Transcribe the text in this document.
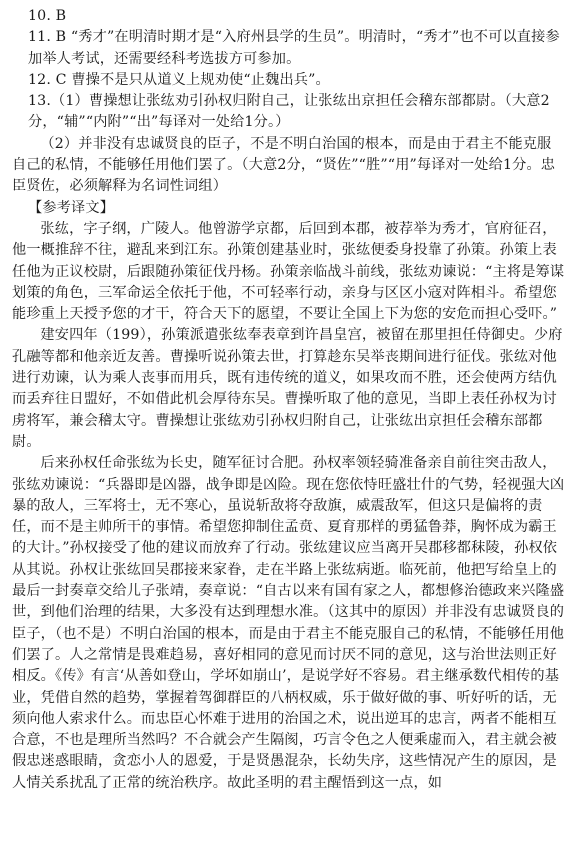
10. B

11. B “秀才”在明清时期才是“入府州县学的生员”。明清时，“秀才”也不可以直接参加举人考试，还需要经科考选拔方可参加。

12. C 曹操不是只从道义上规劝使“止魏出兵”。

13.（1）曹操想让张纮劝引孙权归附自己，让张纮出京担任会稽东部都尉。（大意2分，“辅”“内附”“出”每译对一处给1分。）

（2）并非没有忠诚贤良的臣子，不是不明白治国的根本，而是由于君主不能克服自己的私情，不能够任用他们罢了。（大意2分，“贤佐”“胜”“用”每译对一处给1分。忠臣贤佐，必须解释为名词性词组）

【参考译文】

张纮，字子纲，广陵人。他曾游学京都，后回到本郡，被荐举为秀才，官府征召，他一概推辞不往，避乱来到江东。孙策创建基业时，张纮便委身投靠了孙策。孙策上表任他为正议校尉，后跟随孙策征伐丹杨。孙策亲临战斗前线，张纮劝谏说：“主将是筹谋划策的角色，三军命运全依托于他，不可轻率行动，亲身与区区小寇对阵相斗。希望您能珍重上天授予您的才干，符合天下的愿望，不要让全国上下为您的安危而担心受吓。”

建安四年（199），孙策派遣张纮奉表章到许昌皇宫，被留在那里担任侍御史。少府孔融等都和他亲近友善。曹操听说孙策去世，打算趁东吴举丧期间进行征伐。张纮对他进行劝谏，认为乘人丧事而用兵，既有违传统的道义，如果攻而不胜，还会使两方结仇而丢弃往日盟好，不如借此机会厚待东吴。曹操听取了他的意见，当即上表任孙权为讨虏将军，兼会稽太守。曹操想让张纮劝引孙权归附自己，让张纮出京担任会稽东部都尉。

后来孙权任命张纮为长史，随军征讨合肥。孙权率领轻骑准备亲自前往突击敌人，张纮劝谏说：“兵器即是凶器，战争即是凶险。现在您依恃旺盛壮什的气势，轻视强大凶暴的敌人，三军将士，无不寒心，虽说斩敌将夺敌旗，威震敌军，但这只是偏将的责任，而不是主帅所干的事情。希望您抑制住孟贲、夏育那样的勇猛鲁莽，胸怀成为霸王的大计。”孙权接受了他的建议而放弃了行动。张纮建议应当离开吴郡移都秣陵，孙权依从其说。孙权让张纮回吴郡接来家眷，走在半路上张纮病逝。临死前，他把写给皇上的最后一封奏章交给儿子张靖，奏章说：“自古以来有国有家之人，都想修治德政来兴隆盛世，到他们治理的结果，大多没有达到理想水准。（这其中的原因）并非没有忠诚贤良的臣子，（也不是）不明白治国的根本，而是由于君主不能克服自己的私情，不能够任用他们罢了。人之常情是畏难趋易，喜好相同的意见而讨厌不同的意见，这与治世法则正好相反。《传》有言‘从善如登山，学坏如崩山’，是说学好不容易。君主继承数代相传的基业，凭借自然的趋势，掌握着驾御群臣的八柄权威，乐于做好做的事、听好听的话，无须向他人索求什么。而忠臣心怀难于进用的治国之术，说出逆耳的忠言，两者不能相互合意，不也是理所当然吗？不合就会产生隔阂，巧言令色之人便乘虚而入，君主就会被假忠迷惑眼睛，贪恋小人的恩爱，于是贤愚混杂，长幼失序，这些情况产生的原因，是人情关系扰乱了正常的统治秩序。故此圣明的君主醒悟到这一点，如
